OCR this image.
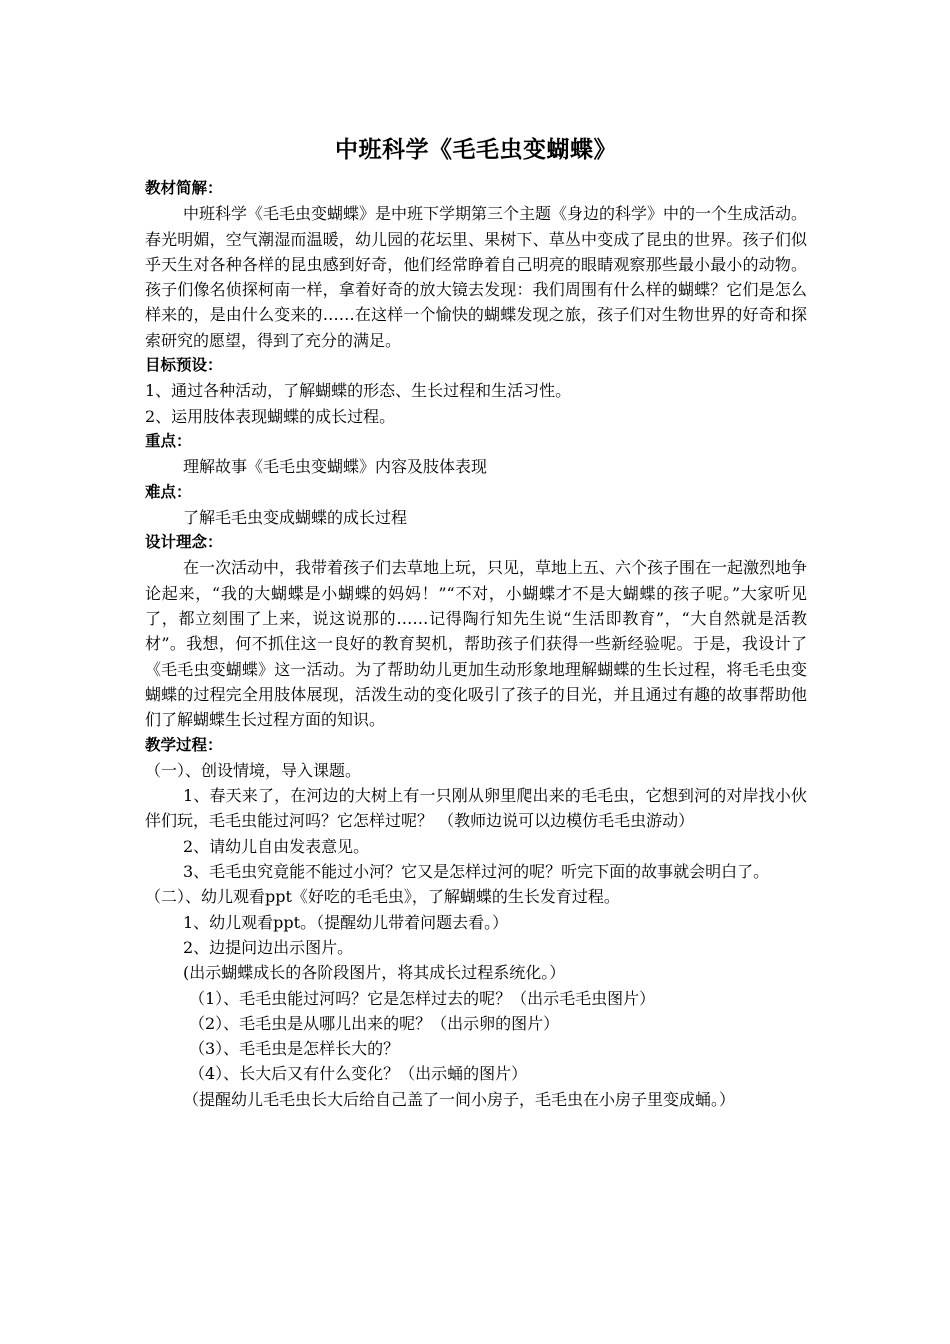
中班科学《毛毛虫变蝴蝶》

教材简解：

中班科学《毛毛虫变蝴蝶》是中班下学期第三个主题《身边的科学》中的一个生成活动。春光明媚，空气潮湿而温暖，幼儿园的花坛里、果树下、草丛中变成了昆虫的世界。孩子们似乎天生对各种各样的昆虫感到好奇，他们经常睁着自己明亮的眼睛观察那些最小最小的动物。孩子们像名侦探柯南一样，拿着好奇的放大镜去发现：我们周围有什么样的蝴蝶？它们是怎么样来的，是由什么变来的……在这样一个愉快的蝴蝶发现之旅，孩子们对生物世界的好奇和探索研究的愿望，得到了充分的满足。

目标预设：

1、通过各种活动，了解蝴蝶的形态、生长过程和生活习性。

2、运用肢体表现蝴蝶的成长过程。

重点：

理解故事《毛毛虫变蝴蝶》内容及肢体表现

难点：

了解毛毛虫变成蝴蝶的成长过程

设计理念：

在一次活动中，我带着孩子们去草地上玩，只见，草地上五、六个孩子围在一起激烈地争论起来，“我的大蝴蝶是小蝴蝶的妈妈！”“不对，小蝴蝶才不是大蝴蝶的孩子呢。”大家听见了，都立刻围了上来，说这说那的……记得陶行知先生说“生活即教育”，“大自然就是活教材”。我想，何不抓住这一良好的教育契机，帮助孩子们获得一些新经验呢。于是，我设计了《毛毛虫变蝴蝶》这一活动。为了帮助幼儿更加生动形象地理解蝴蝶的生长过程，将毛毛虫变蝴蝶的过程完全用肢体展现，活泼生动的变化吸引了孩子的目光，并且通过有趣的故事帮助他们了解蝴蝶生长过程方面的知识。

教学过程：

（一）、创设情境，导入课题。

1、春天来了，在河边的大树上有一只刚从卵里爬出来的毛毛虫，它想到河的对岸找小伙伴们玩，毛毛虫能过河吗？它怎样过呢？ （教师边说可以边模仿毛毛虫游动）

2、请幼儿自由发表意见。

3、毛毛虫究竟能不能过小河？它又是怎样过河的呢？听完下面的故事就会明白了。

（二）、幼儿观看ppt《好吃的毛毛虫》，了解蝴蝶的生长发育过程。

1、幼儿观看ppt。（提醒幼儿带着问题去看。）

2、边提问边出示图片。

(出示蝴蝶成长的各阶段图片，将其成长过程系统化。）

（1）、毛毛虫能过河吗？它是怎样过去的呢？（出示毛毛虫图片）

（2）、毛毛虫是从哪儿出来的呢？（出示卵的图片）

（3）、毛毛虫是怎样长大的？

（4）、长大后又有什么变化？（出示蛹的图片）

（提醒幼儿毛毛虫长大后给自己盖了一间小房子，毛毛虫在小房子里变成蛹。）
